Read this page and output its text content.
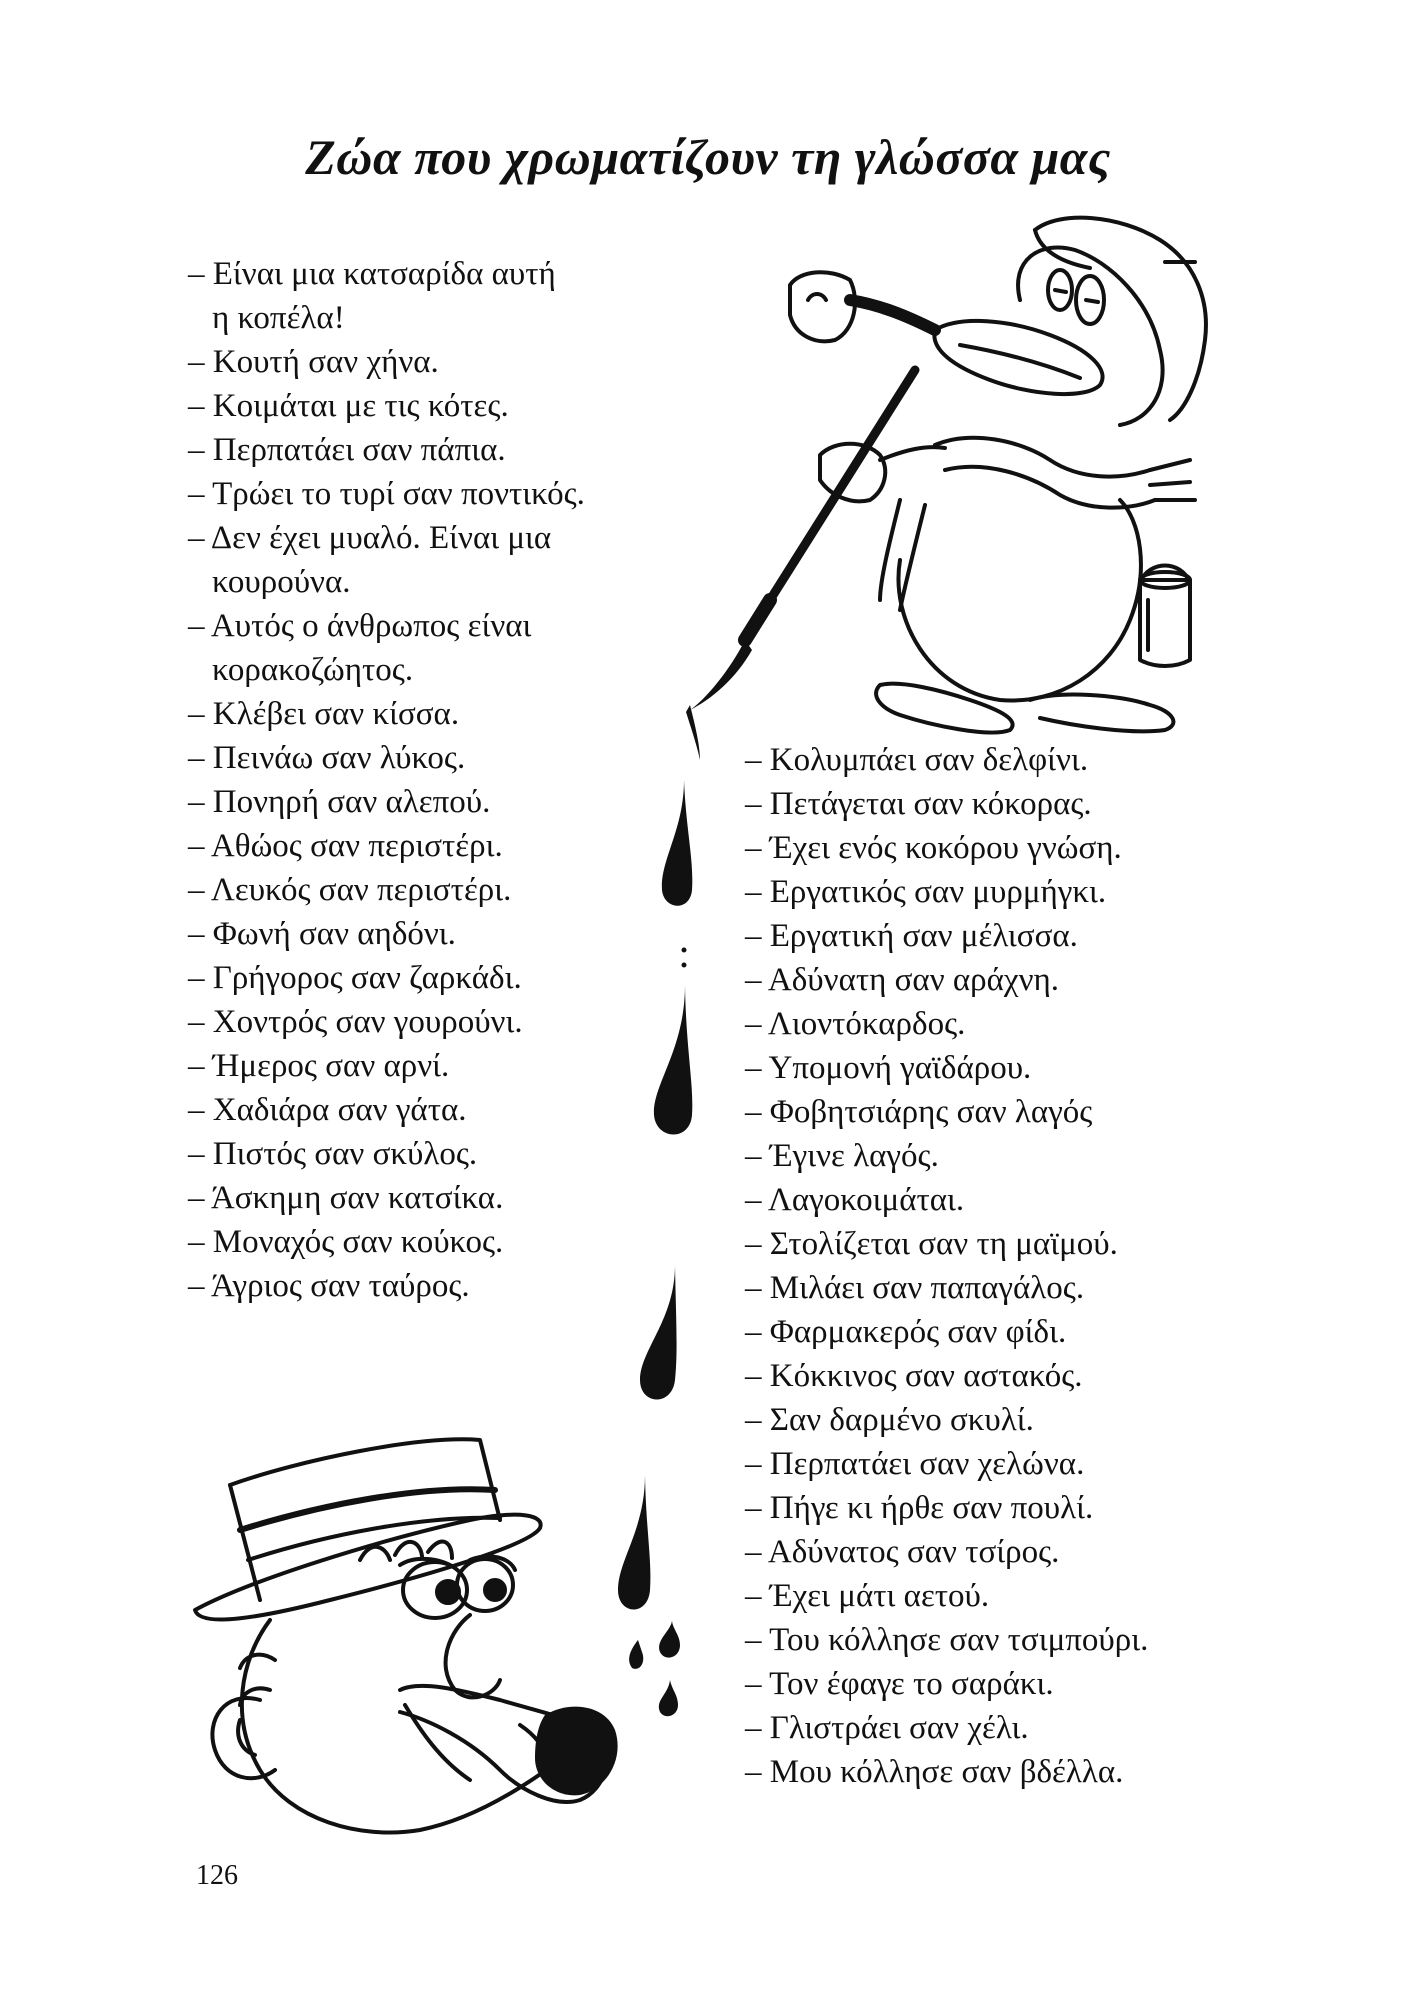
Ζώα που χρωματίζουν τη γλώσσα μας
– Είναι μια κατσαρίδα αυτή
η κοπέλα!
– Κουτή σαν χήνα.
– Κοιμάται με τις κότες.
– Περπατάει σαν πάπια.
– Τρώει το τυρί σαν ποντικός.
– Δεν έχει μυαλό. Είναι μια
κουρούνα.
– Αυτός ο άνθρωπος είναι
κορακοζώητος.
– Κλέβει σαν κίσσα.
– Πεινάω σαν λύκος.
– Πονηρή σαν αλεπού.
– Αθώος σαν περιστέρι.
– Λευκός σαν περιστέρι.
– Φωνή σαν αηδόνι.
– Γρήγορος σαν ζαρκάδι.
– Χοντρός σαν γουρούνι.
– Ήμερος σαν αρνί.
– Χαδιάρα σαν γάτα.
– Πιστός σαν σκύλος.
– Άσκημη σαν κατσίκα.
– Μοναχός σαν κούκος.
– Άγριος σαν ταύρος.
– Κολυμπάει σαν δελφίνι.
– Πετάγεται σαν κόκορας.
– Έχει ενός κοκόρου γνώση.
– Εργατικός σαν μυρμήγκι.
– Εργατική σαν μέλισσα.
– Αδύνατη σαν αράχνη.
– Λιοντόκαρδος.
– Υπομονή γαϊδάρου.
– Φοβητσιάρης σαν λαγός
– Έγινε λαγός.
– Λαγοκοιμάται.
– Στολίζεται σαν τη μαϊμού.
– Μιλάει σαν παπαγάλος.
– Φαρμακερός σαν φίδι.
– Κόκκινος σαν αστακός.
– Σαν δαρμένο σκυλί.
– Περπατάει σαν χελώνα.
– Πήγε κι ήρθε σαν πουλί.
– Αδύνατος σαν τσίρος.
– Έχει μάτι αετού.
– Του κόλλησε σαν τσιμπούρι.
– Τον έφαγε το σαράκι.
– Γλιστράει σαν χέλι.
– Μου κόλλησε σαν βδέλλα.
126
